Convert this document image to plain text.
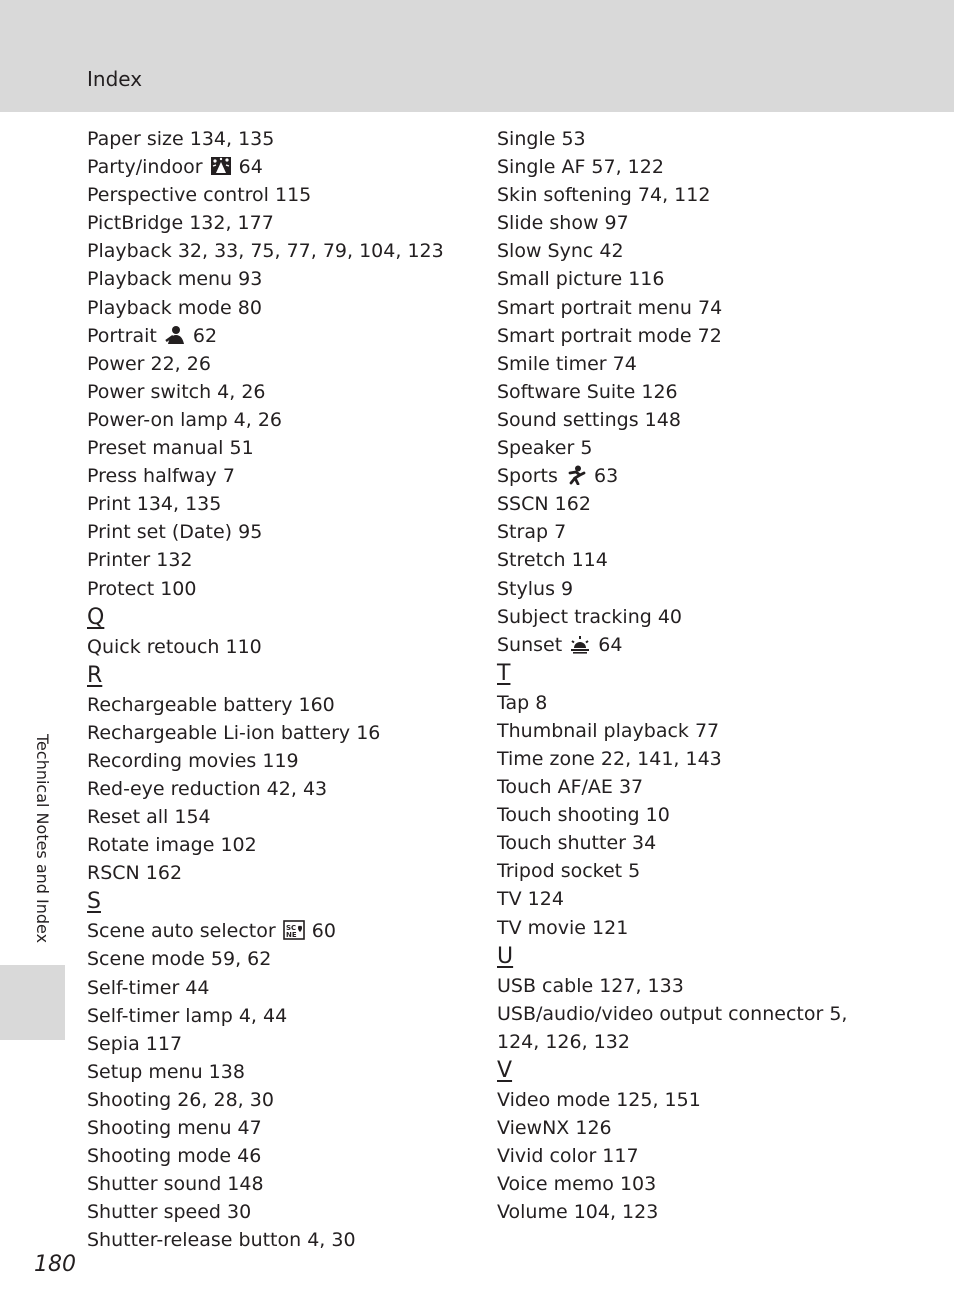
Index
Paper size 134, 135
Party/indoor  64
Perspective control 115
PictBridge 132, 177
Playback 32, 33, 75, 77, 79, 104, 123
Playback menu 93
Playback mode 80
Portrait  62
Power 22, 26
Power switch 4, 26
Power-on lamp 4, 26
Preset manual 51
Press halfway 7
Print 134, 135
Print set (Date) 95
Printer 132
Protect 100
Q
Quick retouch 110
R
Rechargeable battery 160
Rechargeable Li-ion battery 16
Recording movies 119
Red-eye reduction 42, 43
Reset all 154
Rotate image 102
RSCN 162
S
Scene auto selector SC
NE 60
Scene mode 59, 62
Self-timer 44
Self-timer lamp 4, 44
Sepia 117
Setup menu 138
Shooting 26, 28, 30
Shooting menu 47
Shooting mode 46
Shutter sound 148
Shutter speed 30
Shutter-release button 4, 30
Single 53
Single AF 57, 122
Skin softening 74, 112
Slide show 97
Slow Sync 42
Small picture 116
Smart portrait menu 74
Smart portrait mode 72
Smile timer 74
Software Suite 126
Sound settings 148
Speaker 5
Sports  63
SSCN 162
Strap 7
Stretch 114
Stylus 9
Subject tracking 40
Sunset  64
T
Tap 8
Thumbnail playback 77
Time zone 22, 141, 143
Touch AF/AE 37
Touch shooting 10
Touch shutter 34
Tripod socket 5
TV 124
TV movie 121
U
USB cable 127, 133
USB/audio/video output connector 5,
124, 126, 132
V
Video mode 125, 151
ViewNX 126
Vivid color 117
Voice memo 103
Volume 104, 123
Technical Notes and Index
180
